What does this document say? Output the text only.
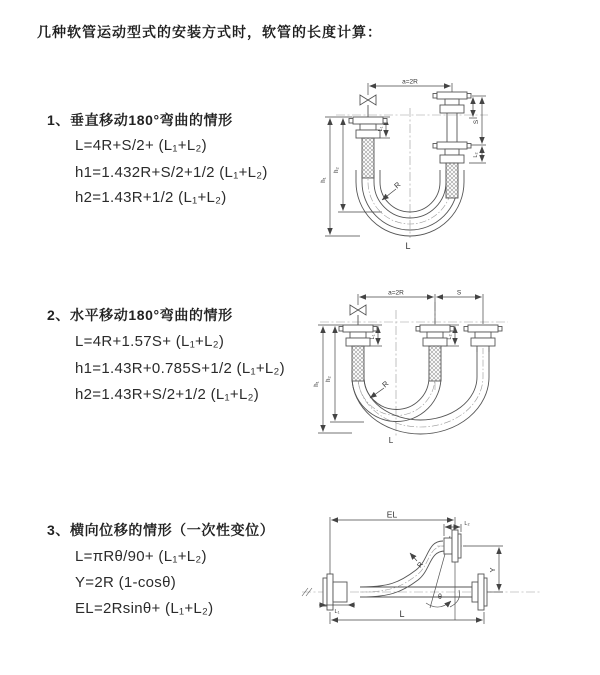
几种软管运动型式的安装方式时，软管的长度计算：
1、垂直移动180°弯曲的情形
L=4R+S/2+ (L₁+L₂)
h1=1.432R+S/2+1/2 (L₁+L₂)
h2=1.43R+1/2 (L₁+L₂)
a=2R
S
L₂
L₁
h₁
h₂
R
L
2、水平移动180°弯曲的情形
L=4R+1.57S+ (L₁+L₂)
h1=1.43R+0.785S+1/2 (L₁+L₂)
h2=1.43R+S/2+1/2 (L₁+L₂)
a=2R	S
h₁
h₂
L₁	L₂
R
L
3、横向位移的情形（一次性变位）
L=πRθ/90+ (L₁+L₂)
Y=2R (1-cosθ)
EL=2Rsinθ+ (L₁+L₂)
EL
L₂
Y
L
L₁
R
θ
